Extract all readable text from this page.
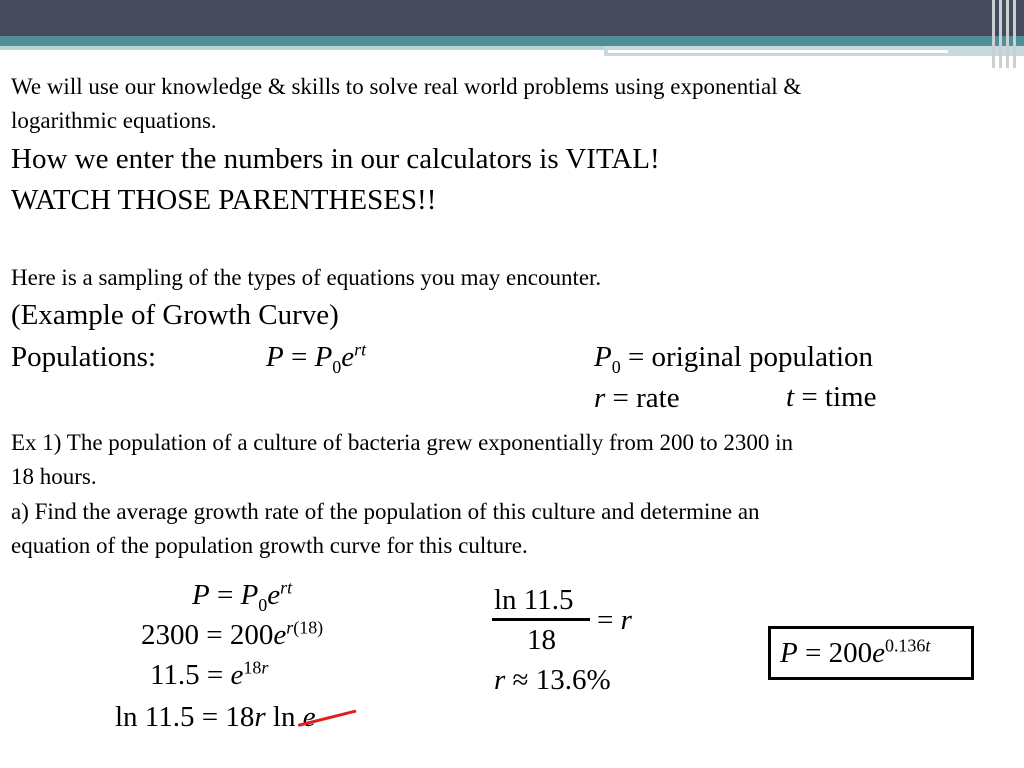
We will use our knowledge & skills to solve real world problems using exponential &
logarithmic equations.
How we enter the numbers in our calculators is VITAL!
WATCH THOSE PARENTHESES!!
Here is a sampling of the types of equations you may encounter.
(Example of Growth Curve)
Populations:	$P = P_0e^{rt}$	$P_0$ = original population
r = rate	t = time
Ex 1) The population of a culture of bacteria grew exponentially from 200 to 2300 in
18 hours.
a) Find the average growth rate of the population of this culture and determine an
equation of the population growth curve for this culture.
$P = P_0e^{rt}$
$2300 = 200e^{r(18)}$
$11.5 = e^{18r}$
ln 11.5 = 18r ln e
ln 11.5
18
= r
r ≈ 13.6%
$P = 200e^{0.136t}$
